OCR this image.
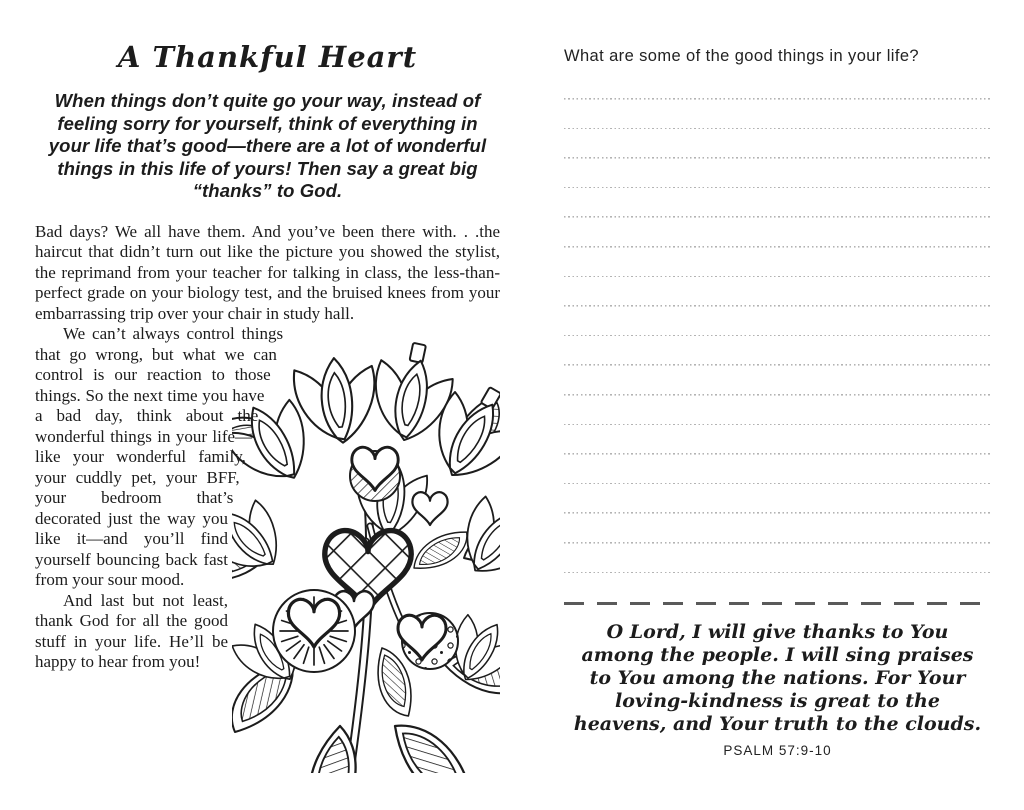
A Thankful Heart
When things don’t quite go your way, instead of feeling sorry for yourself, think of everything in your life that’s good—there are a lot of wonderful things in this life of yours! Then say a great big “thanks” to God.

Bad days? We all have them. And you’ve been there with. . .the haircut that didn’t turn out like the picture you showed the stylist, the reprimand from your teacher for talking in class, the less-than-perfect grade on your biology test, and the bruised knees from your embarrassing trip over your chair in study hall.

We can’t always control things that go wrong, but what we can control is our reaction to those things. So the next time you have a bad day, think about the wonderful things in your life—like your wonderful family, your cuddly pet, your BFF, your bedroom that’s decorated just the way you like it—and you’ll find yourself bouncing back fast from your sour mood.

And last but not least, thank God for all the good stuff in your life. He’ll be happy to hear from you!

What are some of the good things in your life?
O Lord, I will give thanks to You among the people. I will sing praises to You among the nations. For Your loving-kindness is great to the heavens, and Your truth to the clouds.
PSALM 57:9-10
